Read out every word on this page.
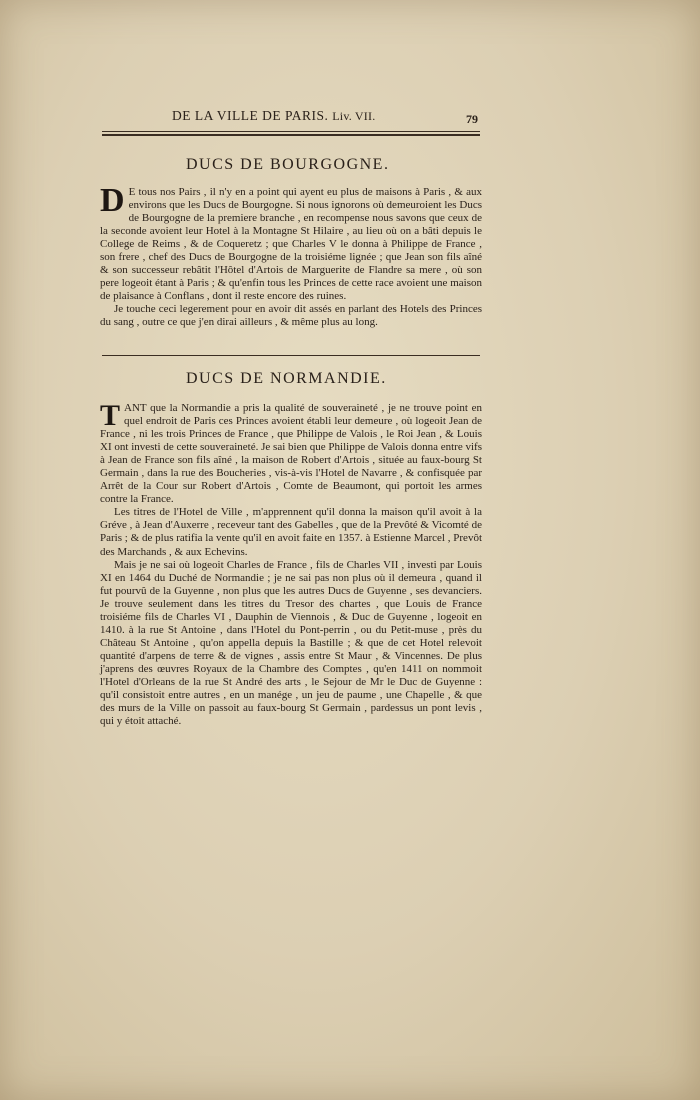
DE LA VILLE DE PARIS. Liv. VII.	79
DUCS DE BOURGOGNE.

D E tous nos Pairs , il n'y en a point qui ayent eu plus de maisons à Paris , & aux environs que les Ducs de Bourgogne. Si nous ignorons où demeuroient les Ducs de Bourgogne de la premiere branche , en recompense nous savons que ceux de la seconde avoient leur Hotel à la Montagne St Hilaire , au lieu où on a bâti depuis le College de Reims , & de Coqueretz ; que Charles V le donna à Philippe de France , son frere , chef des Ducs de Bourgogne de la troisiéme lignée ; que Jean son fils aîné & son successeur rebâtit l'Hôtel d'Artois de Marguerite de Flandre sa mere , où son pere logeoit étant à Paris ; & qu'enfin tous les Princes de cette race avoient une maison de plaisance à Conflans , dont il reste encore des ruines.

Je touche ceci legerement pour en avoir dit assés en parlant des Hotels des Princes du sang , outre ce que j'en dirai ailleurs , & même plus au long.

DUCS DE NORMANDIE.

T ANT que la Normandie a pris la qualité de souveraineté , je ne trouve point en quel endroit de Paris ces Princes avoient établi leur demeure , où logeoit Jean de France , ni les trois Princes de France , que Philippe de Valois , le Roi Jean , & Louis XI ont investi de cette souveraineté. Je sai bien que Philippe de Valois donna entre vifs à Jean de France son fils aîné , la maison de Robert d'Artois , située au faux-bourg St Germain , dans la rue des Boucheries , vis-à-vis l'Hotel de Navarre , & confisquée par Arrêt de la Cour sur Robert d'Artois , Comte de Beaumont, qui portoit les armes contre la France.

Les titres de l'Hotel de Ville , m'apprennent qu'il donna la maison qu'il avoit à la Gréve , à Jean d'Auxerre , receveur tant des Gabelles , que de la Prevôté & Vicomté de Paris ; & de plus ratifia la vente qu'il en avoit faite en 1357. à Estienne Marcel , Prevôt des Marchands , & aux Echevins.

Mais je ne sai où logeoit Charles de France , fils de Charles VII , investi par Louis XI en 1464 du Duché de Normandie ; je ne sai pas non plus où il demeura , quand il fut pourvû de la Guyenne , non plus que les autres Ducs de Guyenne , ses devanciers. Je trouve seulement dans les titres du Tresor des chartes , que Louis de France troisiéme fils de Charles VI , Dauphin de Viennois , & Duc de Guyenne , logeoit en 1410. à la rue St Antoine , dans l'Hotel du Pont-perrin , ou du Petit-muse , près du Château St Antoine , qu'on appella depuis la Bastille ; & que de cet Hotel relevoit quantité d'arpens de terre & de vignes , assis entre St Maur , & Vincennes. De plus j'aprens des œuvres Royaux de la Chambre des Comptes , qu'en 1411 on nommoit l'Hotel d'Orleans de la rue St André des arts , le Sejour de Mr le Duc de Guyenne : qu'il consistoit entre autres , en un manége , un jeu de paume , une Chapelle , & que des murs de la Ville on passoit au faux-bourg St Germain , pardessus un pont levis , qui y étoit attaché.
